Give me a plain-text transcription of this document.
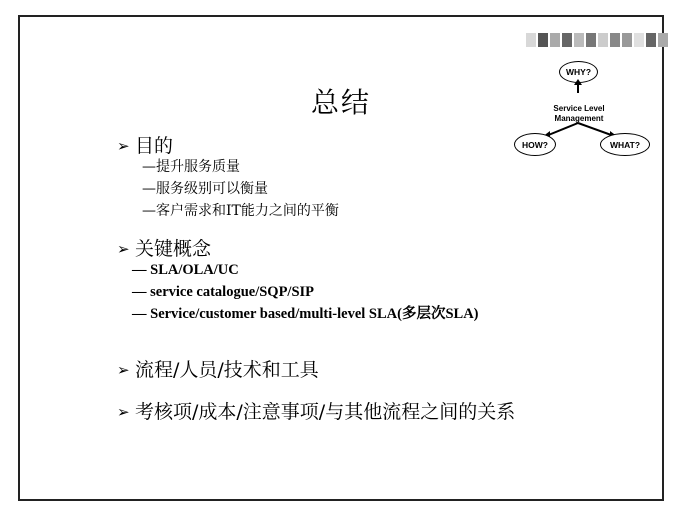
总结
WHY?
Service Level
Management
HOW?	WHAT?
➢ 目的
—提升服务质量
—服务级别可以衡量
—客户需求和IT能力之间的平衡
➢ 关键概念
— SLA/OLA/UC
— service catalogue/SQP/SIP
— Service/customer based/multi-level SLA(多层次SLA)
➢ 流程/人员/技术和工具
➢ 考核项/成本/注意事项/与其他流程之间的关系
